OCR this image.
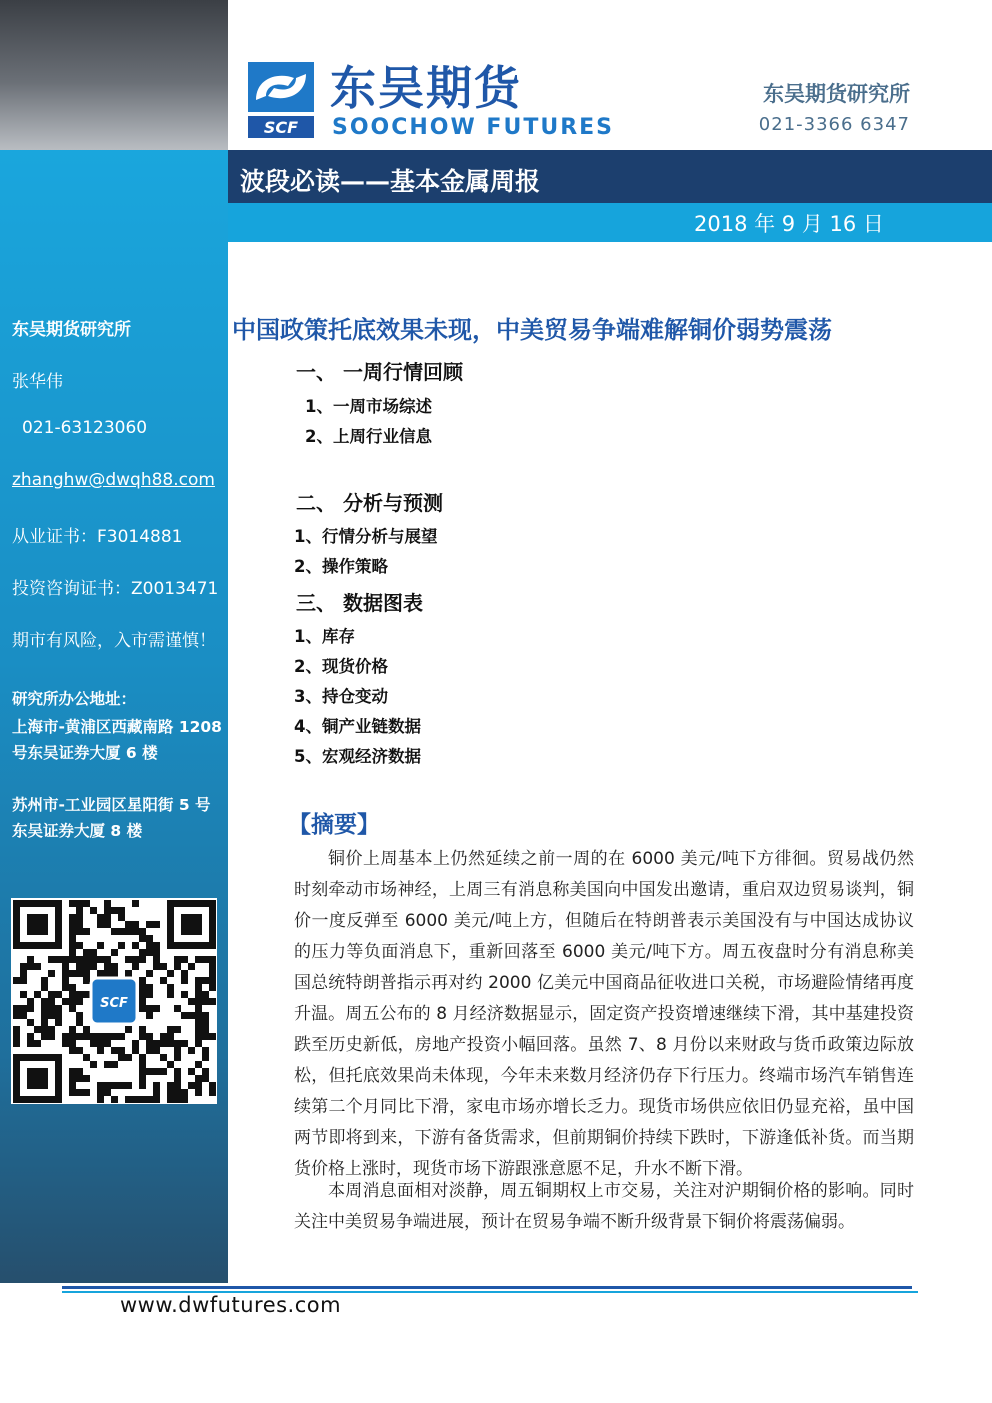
东吴期货研究所
张华伟
021-63123060
zhanghw@dwqh88.com
从业证书：F3014881
投资咨询证书：Z0013471
期市有风险，入市需谨慎！
研究所办公地址：
上海市-黄浦区西藏南路 1208 号东吴证券大厦 6 楼
苏州市-工业园区星阳街 5 号东吴证券大厦 8 楼
SCF
SCF
东吴期货
SOOCHOW FUTURES
东吴期货研究所
021-3366 6347
波段必读——基本金属周报
2018 年 9 月 16 日
中国政策托底效果未现，中美贸易争端难解铜价弱势震荡
一、 一周行情回顾
1、一周市场综述
2、上周行业信息
二、 分析与预测
1、行情分析与展望
2、操作策略
三、 数据图表
1、库存
2、现货价格
3、持仓变动
4、铜产业链数据
5、宏观经济数据
【摘要】

铜价上周基本上仍然延续之前一周的在 6000 美元/吨下方徘徊。贸易战仍然时刻牵动市场神经，上周三有消息称美国向中国发出邀请，重启双边贸易谈判，铜价一度反弹至 6000 美元/吨上方，但随后在特朗普表示美国没有与中国达成协议的压力等负面消息下，重新回落至 6000 美元/吨下方。周五夜盘时分有消息称美国总统特朗普指示再对约 2000 亿美元中国商品征收进口关税，市场避险情绪再度升温。周五公布的 8 月经济数据显示，固定资产投资增速继续下滑，其中基建投资跌至历史新低，房地产投资小幅回落。虽然 7、8 月份以来财政与货币政策边际放松，但托底效果尚未体现，今年未来数月经济仍存下行压力。终端市场汽车销售连续第二个月同比下滑，家电市场亦增长乏力。现货市场供应依旧仍显充裕，虽中国两节即将到来，下游有备货需求，但前期铜价持续下跌时，下游逢低补货。而当期货价格上涨时，现货市场下游跟涨意愿不足，升水不断下滑。

本周消息面相对淡静，周五铜期权上市交易，关注对沪期铜价格的影响。同时关注中美贸易争端进展，预计在贸易争端不断升级背景下铜价将震荡偏弱。

www.dwfutures.com
